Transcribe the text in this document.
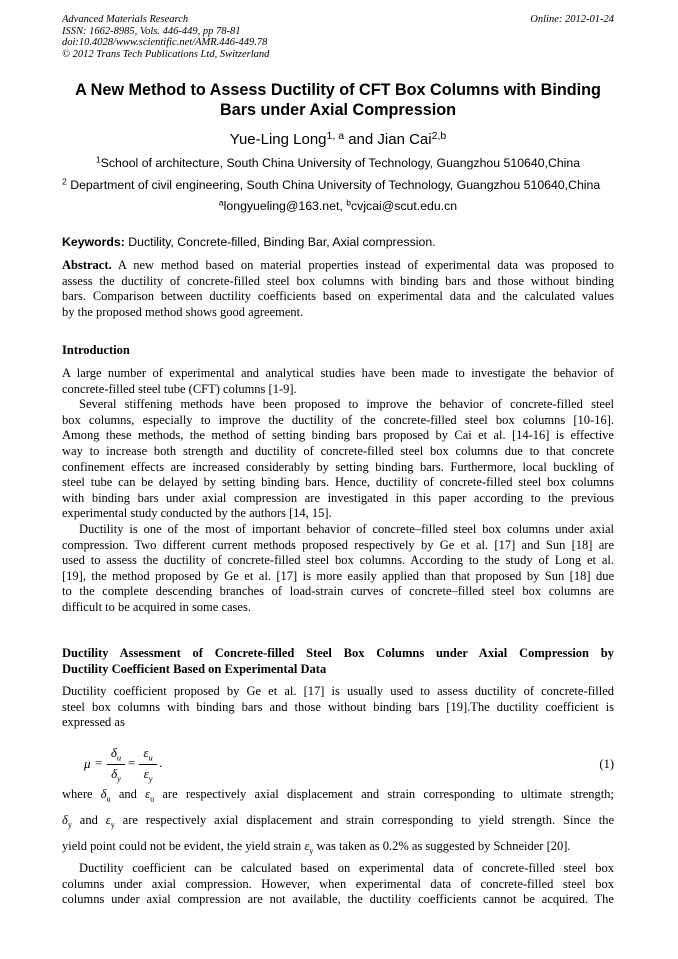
Advanced Materials Research
ISSN: 1662-8985, Vols. 446-449, pp 78-81
doi:10.4028/www.scientific.net/AMR.446-449.78
© 2012 Trans Tech Publications Ltd, Switzerland
Online: 2012-01-24
A New Method to Assess Ductility of CFT Box Columns with Binding
Bars under Axial Compression
Yue-Ling Long$^{1, a}$ and Jian Cai$^{2,b}$
$^1$School of architecture, South China University of Technology, Guangzhou 510640,China
$^2$ Department of civil engineering, South China University of Technology, Guangzhou 510640,China
$^a$longyueling@163.net, $^b$cvjcai@scut.edu.cn
Keywords: Ductility, Concrete-filled, Binding Bar, Axial compression.
Abstract. A new method based on material properties instead of experimental data was proposed to
assess the ductility of concrete-filled steel box columns with binding bars and those without binding
bars. Comparison between ductility coefficients based on experimental data and the calculated values
by the proposed method shows good agreement.
Introduction
A large number of experimental and analytical studies have been made to investigate the behavior of
concrete-filled steel tube (CFT) columns [1-9].
Several stiffening methods have been proposed to improve the behavior of concrete-filled steel
box columns, especially to improve the ductility of the concrete-filled steel box columns [10-16].
Among these methods, the method of setting binding bars proposed by Cai et al. [14-16] is effective
way to increase both strength and ductility of concrete-filled steel box columns due to that concrete
confinement effects are increased considerably by setting binding bars. Furthermore, local buckling of
steel tube can be delayed by setting binding bars. Hence, ductility of concrete-filled steel box columns
with binding bars under axial compression are investigated in this paper according to the previous
experimental study conducted by the authors [14, 15].
Ductility is one of the most of important behavior of concrete–filled steel box columns under axial
compression. Two different current methods proposed respectively by Ge et al. [17] and Sun [18] are
used to assess the ductility of concrete-filled steel box columns. According to the study of Long et al.
[19], the method proposed by Ge et al. [17] is more easily applied than that proposed by Sun [18] due
to the complete descending branches of load-strain curves of concrete–filled steel box columns are
difficult to be acquired in some cases.
Ductility Assessment of Concrete-filled Steel Box Columns under Axial Compression by
Ductility Coefficient Based on Experimental Data
Ductility coefficient proposed by Ge et al. [17] is usually used to assess ductility of concrete-filled
steel box columns with binding bars and those without binding bars [19].The ductility coefficient is
expressed as
μ =
$\delta_u$
$\delta_y$
=
$\varepsilon_u$
$\varepsilon_y$
.	(1)
where $\delta_u$ and $\varepsilon_u$ are respectively axial displacement and strain corresponding to ultimate strength;
$\delta_y$ and $\varepsilon_y$ are respectively axial displacement and strain corresponding to yield strength. Since the
yield point could not be evident, the yield strain $\varepsilon_y$ was taken as 0.2% as suggested by Schneider [20].
Ductility coefficient can be calculated based on experimental data of concrete-filled steel box
columns under axial compression. However, when experimental data of concrete-filled steel box
columns under axial compression are not available, the ductility coefficients cannot be acquired. The
